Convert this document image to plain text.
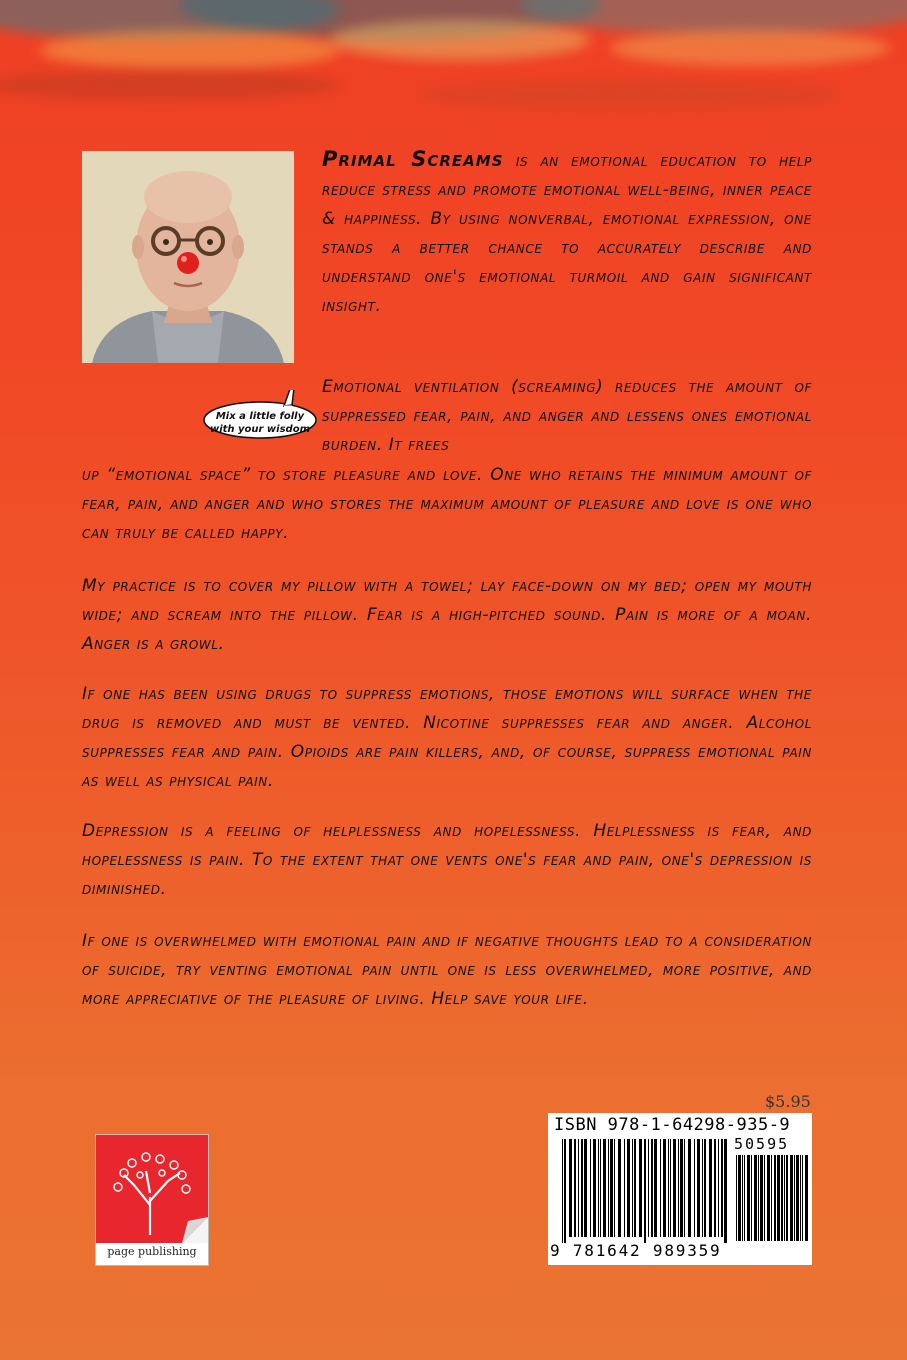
Mix a little folly
with your wisdom
Primal Screams is an emotional education to help reduce stress and promote emotional well-being, inner peace & happiness. By using nonverbal, emotional expression, one stands a better chance to accurately describe and understand one's emotional turmoil and gain significant insight.
Emotional ventilation (screaming) reduces the amount of suppressed fear, pain, and anger and lessens ones emotional burden. It frees
up “emotional space” to store pleasure and love. One who retains the minimum amount of fear, pain, and anger and who stores the maximum amount of pleasure and love is one who can truly be called happy.
My practice is to cover my pillow with a towel; lay face-down on my bed; open my mouth wide; and scream into the pillow. Fear is a high-pitched sound. Pain is more of a moan. Anger is a growl.
If one has been using drugs to suppress emotions, those emotions will surface when the drug is removed and must be vented. Nicotine suppresses fear and anger. Alcohol suppresses fear and pain. Opioids are pain killers, and, of course, suppress emotional pain as well as physical pain.
Depression is a feeling of helplessness and hopelessness. Helplessness is fear, and hopelessness is pain. To the extent that one vents one's fear and pain, one's depression is diminished.
If one is overwhelmed with emotional pain and if negative thoughts lead to a consideration of suicide, try venting emotional pain until one is less overwhelmed, more positive, and more appreciative of the pleasure of living. Help save your life.
$5.95
ISBN 978-1-64298-935-9
50595
9 781642 989359
page publishing
